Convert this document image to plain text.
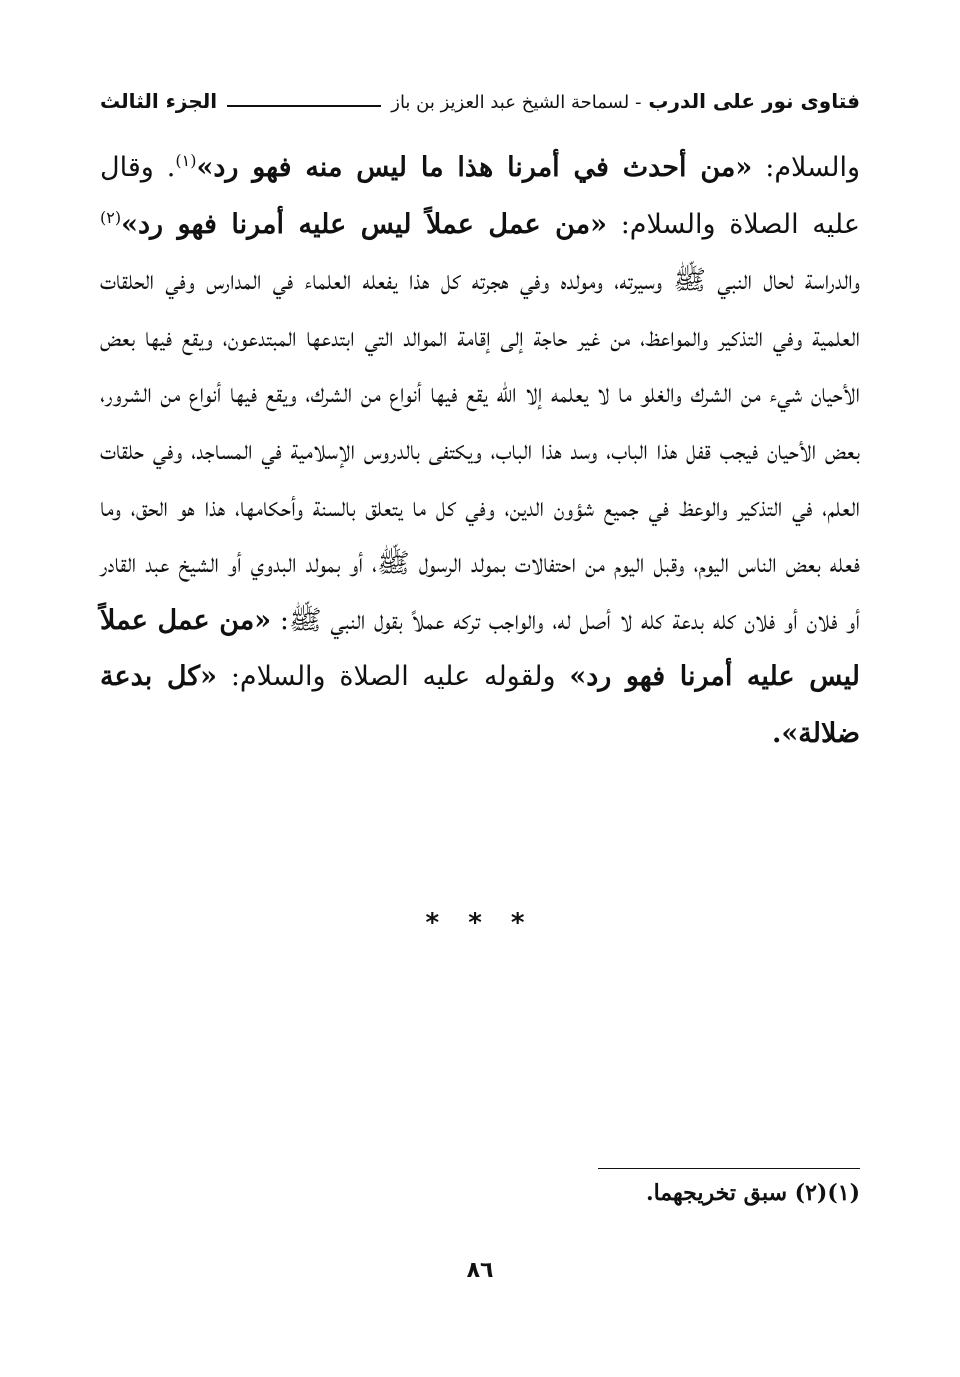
فتاوى نور على الدرب - لسماحة الشيخ عبد العزيز بن باز
الجزء الثالث
والسلام: «من أحدث في أمرنا هذا ما ليس منه فهو رد»$^{(١)}$. وقال عليه الصلاة والسلام: «من عمل عملاً ليس عليه أمرنا فهو رد»$^{(٢)}$ والدراسة لحال النبي ﷺ وسيرته، ومولده وفي هجرته كل هذا يفعله العلماء في المدارس وفي الحلقات العلمية وفي التذكير والمواعظ، من غير حاجة إلى إقامة الموالد التي ابتدعها المبتدعون، ويقع فيها بعض الأحيان شيء من الشرك والغلو ما لا يعلمه إلا الله يقع فيها أنواع من الشرك، ويقع فيها أنواع من الشرور، بعض الأحيان فيجب قفل هذا الباب، وسد هذا الباب، ويكتفى بالدروس الإسلامية في المساجد، وفي حلقات العلم، في التذكير والوعظ في جميع شؤون الدين، وفي كل ما يتعلق بالسنة وأحكامها، هذا هو الحق، وما فعله بعض الناس اليوم، وقبل اليوم من احتفالات بمولد الرسول ﷺ، أو بمولد البدوي أو الشيخ عبد القادر أو فلان أو فلان كله بدعة كله لا أصل له، والواجب تركه عملاً بقول النبي ﷺ: «من عمل عملاً ليس عليه أمرنا فهو رد» ولقوله عليه الصلاة والسلام: «كل بدعة ضلالة».
* * *
(١)(٢) سبق تخريجهما.
٨٦
